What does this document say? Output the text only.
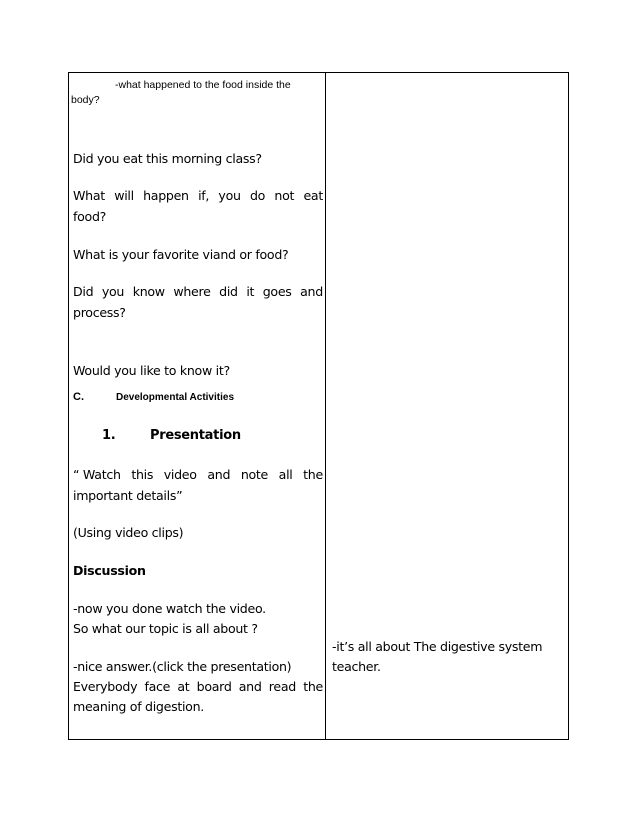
-what happened to the food inside the
body?
Did you eat this morning class?
What will happen if, you do not eat
food?
What is your favorite viand or food?
Did you know where did it goes and
process?
Would you like to know it?
C.	Developmental Activities
1.	Presentation
“ Watch this video and note all the
important details”
(Using video clips)
Discussion
-now you done watch the video.
So what our topic is all about ?
-nice answer.(click the presentation)
Everybody face at board and read the
meaning of digestion.
-it’s all about The digestive system
teacher.
